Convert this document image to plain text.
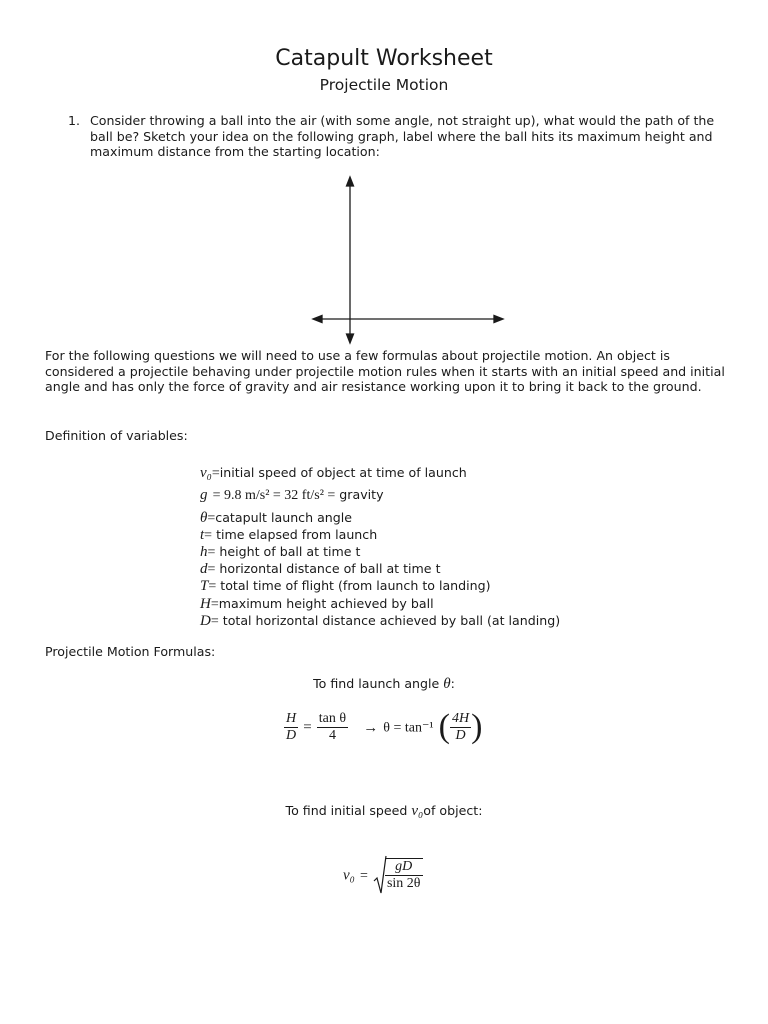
Catapult Worksheet
Projectile Motion
1. Consider throwing a ball into the air (with some angle, not straight up), what would the path of the ball be? Sketch your idea on the following graph, label where the ball hits its maximum height and maximum distance from the starting location:
For the following questions we will need to use a few formulas about projectile motion. An object is considered a projectile behaving under projectile motion rules when it starts with an initial speed and initial angle and has only the force of gravity and air resistance working upon it to bring it back to the ground.
Definition of variables:
v₀=initial speed of object at time of launch
g = 9.8 m/s² = 32 ft/s² = gravity
θ=catapult launch angle
t= time elapsed from launch
h= height of ball at time t
d= horizontal distance of ball at time t
T= total time of flight (from launch to landing)
H=maximum height achieved by ball
D= total horizontal distance achieved by ball (at landing)
Projectile Motion Formulas:
To find launch angle θ:
$\frac{H}{D} = \frac{\text{tan θ}}{4} \to \theta = \tan^{-1}$ ( $\frac{4H}{D}$ )
To find initial speed v₀of object:
$v_0 = \frac{gD}{\sin 2\theta}$
